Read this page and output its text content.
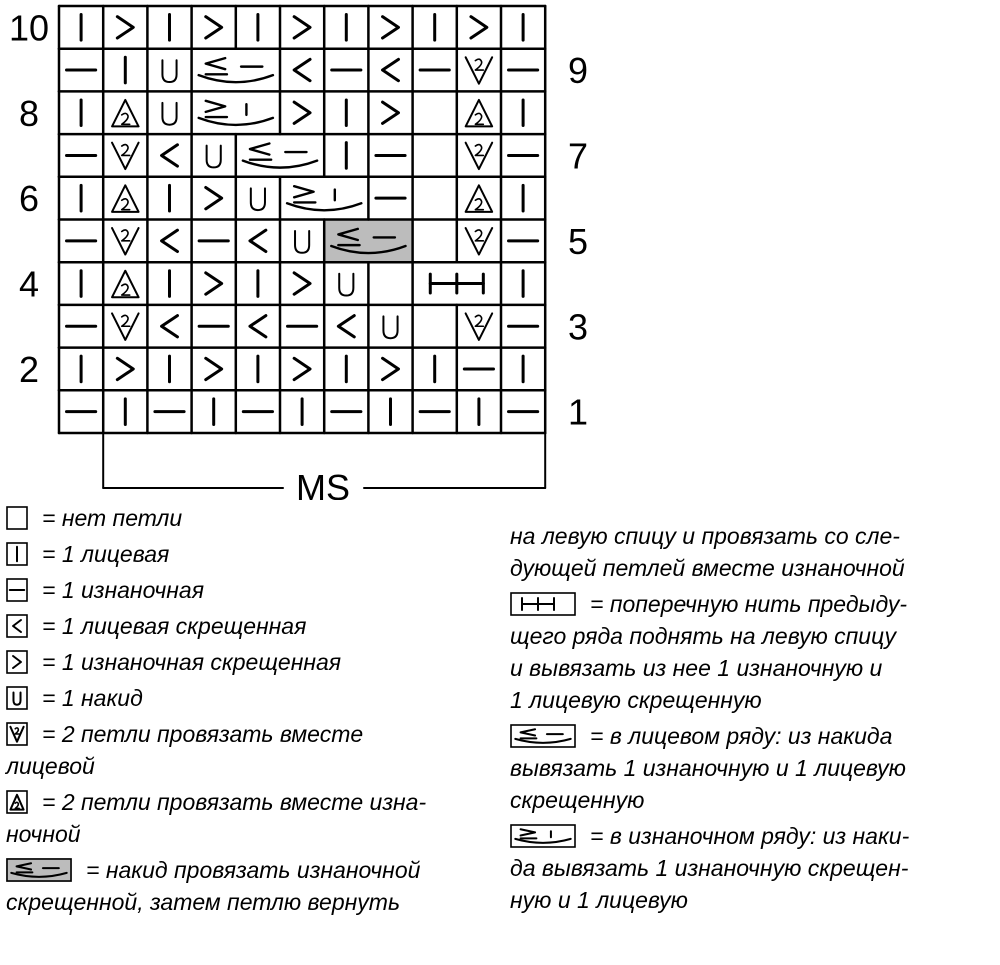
10
8
6
4
2
9
7
5
3
1
MS
= нет петли
= 1 лицевая
= 1 изнаночная
= 1 лицевая скрещенная
= 1 изнаночная скрещенная
= 1 накид
= 2 петли провязать вместе
лицевой
= 2 петли провязать вместе изна-
ночной
= накид провязать изнаночной
скрещенной, затем петлю вернуть
на левую спицу и провязать со сле-
дующей петлей вместе изнаночной
= поперечную нить предыду-
щего ряда поднять на левую спицу
и вывязать из нее 1 изнаночную и
1 лицевую скрещенную
= в лицевом ряду: из накида
вывязать 1 изнаночную и 1 лицевую
скрещенную
= в изнаночном ряду: из наки-
да вывязать 1 изнаночную скрещен-
ную и 1 лицевую
